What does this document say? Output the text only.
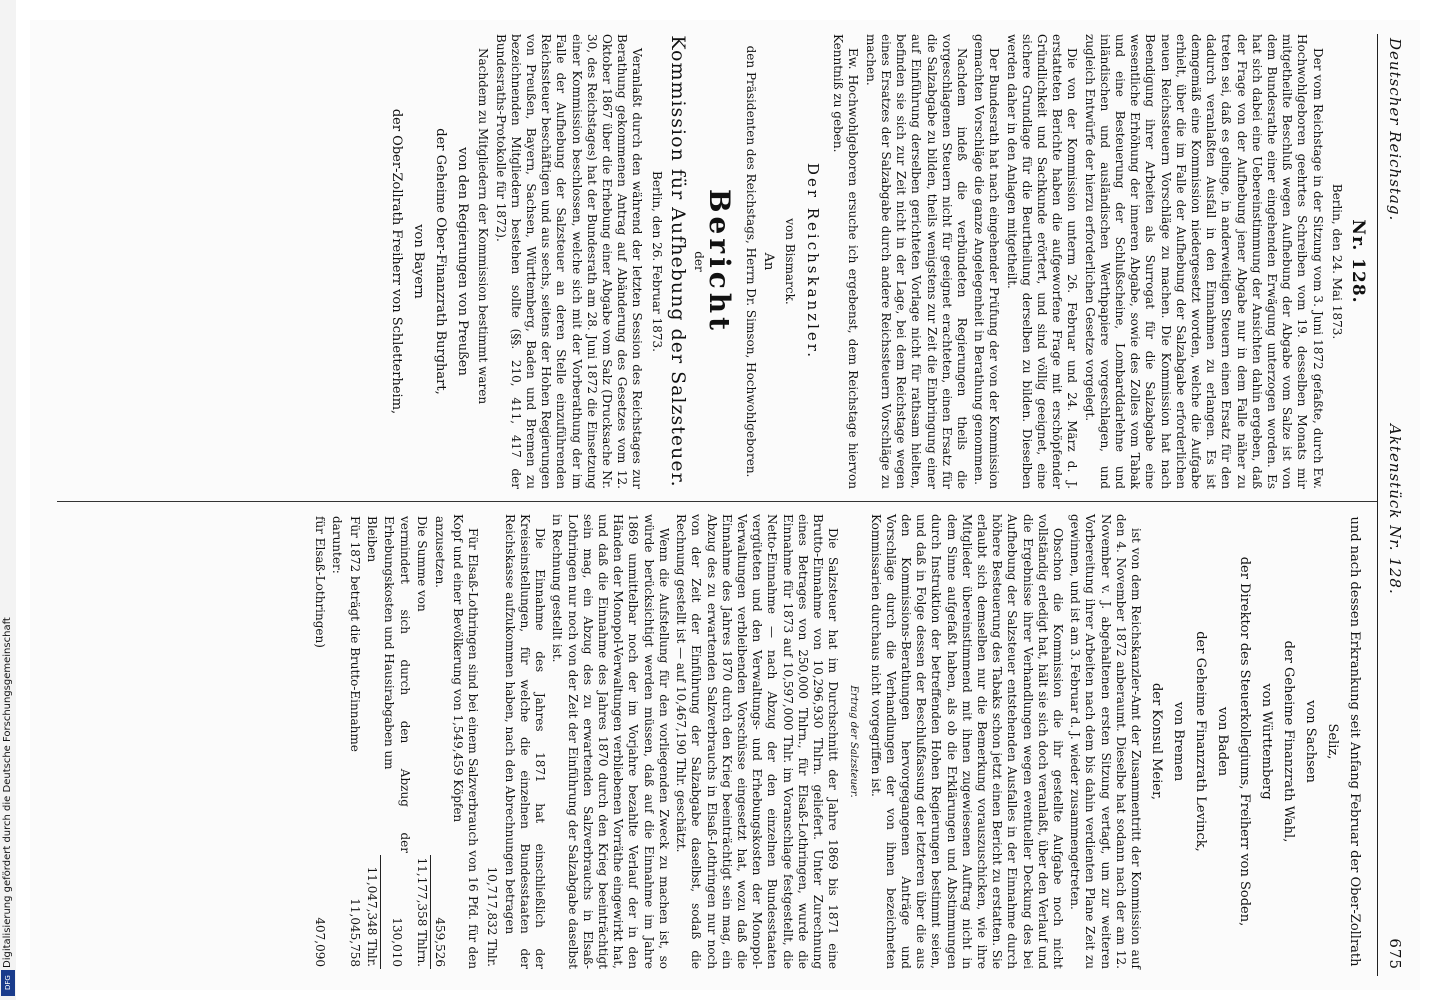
Digitalisierung gefördert durch die Deutsche Forschungsgemeinschaft
DFG
Deutscher Reichstag.
Aktenstück Nr. 128.
675
Nr. 128.
Berlin, den 24. Mai 1873.

Der vom Reichstage in der Sitzung vom 3. Juni 1872 gefaßte, durch Ew. Hochwohlgeboren geehrtes Schreiben vom 19. desselben Monats mir mitgetheilte Beschluß wegen Aufhebung der Abgabe vom Salze ist von dem Bundesrathe einer eingehenden Erwägung unterzogen worden. Es hat sich dabei eine Uebereinstimmung der Ansichten dahin ergeben, daß der Frage von der Aufhebung jener Abgabe nur in dem Falle näher zu treten sei, daß es gelinge, in anderweitigen Steuern einen Ersatz für den dadurch veranlaßten Ausfall in den Einnahmen zu erlangen. Es ist demgemäß eine Kommission niedergesetzt worden, welche die Aufgabe erhielt, über die im Falle der Aufhebung der Salzabgabe erforderlichen neuen Reichssteuern Vorschläge zu machen. Die Kommission hat nach Beendigung ihrer Arbeiten als Surrogat für die Salzabgabe eine wesentliche Erhöhung der inneren Abgabe, sowie des Zolles vom Tabak und eine Besteuerung der Schlußscheine, Lombarddarlehne und inländischen und ausländischen Werthpapiere vorgeschlagen, und zugleich Entwürfe der hierzu erforderlichen Gesetze vorgelegt.

Die von der Kommission unterm 26. Februar und 24. März d. J. erstatteten Berichte haben die aufgeworfene Frage mit erschöpfender Gründlichkeit und Sachkunde erörtert, und sind völlig geeignet, eine sichere Grundlage für die Beurtheilung derselben zu bilden. Dieselben werden daher in den Anlagen mitgetheilt.

Der Bundesrath hat nach eingehender Prüfung der von der Kommission gemachten Vorschläge die ganze Angelegenheit in Berathung genommen.

Nachdem indeß die verbündeten Regierungen theils die vorgeschlagenen Steuern nicht für geeignet erachteten, einen Ersatz für die Salzabgabe zu bilden, theils wenigstens zur Zeit die Einbringung einer auf Einführung derselben gerichteten Vorlage nicht für rathsam hielten, befinden sie sich zur Zeit nicht in der Lage, bei dem Reichstage wegen eines Ersatzes der Salzabgabe durch andere Reichssteuern Vorschläge zu machen.

Ew. Hochwohlgeboren ersuche ich ergebenst, dem Reichstage hiervon Kenntniß zu geben.

Der Reichskanzler.
von Bismarck.
An
den Präsidenten des Reichstags, Herrn Dr. Simson, Hochwohlgeboren.
Bericht
der
Kommission für Aufhebung der Salzsteuer.
Berlin, den 26. Februar 1873.

Veranlaßt durch den während der letzten Session des Reichstages zur Berathung gekommenen Antrag auf Abänderung des Gesetzes vom 12. Oktober 1867 über die Erhebung einer Abgabe vom Salz (Drucksache Nr. 30, des Reichstages) hat der Bundesrath am 28. Juni 1872 die Einsetzung einer Kommission beschlossen, welche sich mit der Vorberathung der im Falle der Aufhebung der Salzsteuer an deren Stelle einzuführenden Reichssteuer beschäftigen und aus sechs, seitens der Hohen Regierungen von Preußen, Bayern, Sachsen, Württemberg, Baden und Bremen zu bezeichnenden Mitgliedern bestehen sollte (§§. 210, 411, 417 der Bundesraths-Protokolle für 1872).

Nachdem zu Mitgliedern der Kommission bestimmt waren

von den Regierungen von Preußen
der Geheime Ober-Finanzrath Burghart,
von Bayern
der Ober-Zollrath Freiherr von Schletterheim,
und nach dessen Erkrankung seit Anfang Februar der Ober-Zollrath Seliz,
von Sachsen
der Geheime Finanzrath Wahl,
von Württemberg
der Direktor des Steuerkollegiums, Freiherr von Soden,
von Baden
der Geheime Finanzrath Levinck,
von Bremen
der Konsul Meier,

ist von dem Reichskanzler-Amt der Zusammentritt der Kommission auf den 4. November 1872 anberaumt. Dieselbe hat sodann nach der am 12. November v. J. abgehaltenen ersten Sitzung vertagt, um zur weiteren Vorbereitung ihrer Arbeiten nach dem bis dahin verdienten Plane Zeit zu gewinnen, und ist am 3. Februar d. J. wieder zusammengetreten.

Obschon die Kommission die ihr gestellte Aufgabe noch nicht vollständig erledigt hat, hält sie sich doch veranlaßt, über den Verlauf und die Ergebnisse ihrer Verhandlungen wegen eventueller Deckung des bei Aufhebung der Salzsteuer entstehenden Ausfalles in der Einnahme durch höhere Besteuerung des Tabaks schon jetzt einen Bericht zu erstatten. Sie erlaubt sich demselben nur die Bemerkung vorauszuschicken, wie ihre Mitglieder übereinstimmend mit ihnen zugewiesenen Auftrag nicht in dem Sinne aufgefaßt haben, als ob die Erklärungen und Abstimmungen durch Instruktion der betreffenden Hohen Regierungen bestimmt seien, und daß in Folge dessen der Beschlußfassung der letzteren über die aus den Kommissions-Berathungen hervorgegangenen Anträge und Vorschläge durch die Verhandlungen der von ihnen bezeichneten Kommissarien durchaus nicht vorgegriffen ist.

Ertrag der Salzsteuer.

Die Salzsteuer hat im Durchschnitt der Jahre 1869 bis 1871 eine Brutto-Einnahme von 10,296,930 Thlrn. geliefert. Unter Zurechnung eines Betrages von 250,000 Thlrn., für Elsaß-Lothringen, wurde die Einnahme für 1873 auf 10,597,000 Thlr. im Voranschlage festgestellt, die Netto-Einnahme — nach Abzug der den einzelnen Bundesstaaten vergüteten und den Verwaltungs- und Erhebungskosten der Monopol-Verwaltungen verbleibenden Vorschüsse eingesetzt hat, wozu daß die Einnahme des Jahres 1870 durch den Krieg beeinträchtigt sein mag, ein Abzug des zu erwartenden Salzverbrauchs in Elsaß-Lothringen nur noch von der Zeit der Einführung der Salzabgabe daselbst, sodaß die Rechnung gestellt ist — auf 10,467,190 Thlr. geschätzt.

Wenn die Aufstellung für den vorliegenden Zweck zu machen ist, so würde berücksichtigt werden müssen, daß auf die Einnahme im Jahre 1869 unmittelbar noch der im Vorjahre bezahlte Verlauf der in den Händen der Monopol-Verwaltungen verbliebenen Vorräthe eingewirkt hat, und daß die Einnahme des Jahres 1870 durch den Krieg beeinträchtigt sein mag, ein Abzug des zu erwartenden Salzverbrauchs in Elsaß-Lothringen nur noch von der Zeit der Einführung der Salzabgabe daselbst in Rechnung gestellt ist.

Die Einnahme des Jahres 1871 hat einschließlich der Kreiseinstellungen, für welche die einzelnen Bundesstaaten der Reichskasse aufzukommen haben, nach den Abrechnungen betragen

	10,717,832 Thlr.

Für Elsaß-Lothringen sind bei einem Salzverbrauch von 16 Pfd. für den Kopf und einer Bevölkerung von 1,549,459 Köpfen

anzusetzen.	459,526
Die Summe von	11,177,358 Thlrn.
vermindert sich durch den Abzug der Erhebungskosten und Hausirabgaben um	130,010
Bleiben	11,047,348 Thlr.
Für 1872 beträgt die Brutto-Einnahme	11,045,758
darunter:	
für Elsaß-Lothringen)	407,090
